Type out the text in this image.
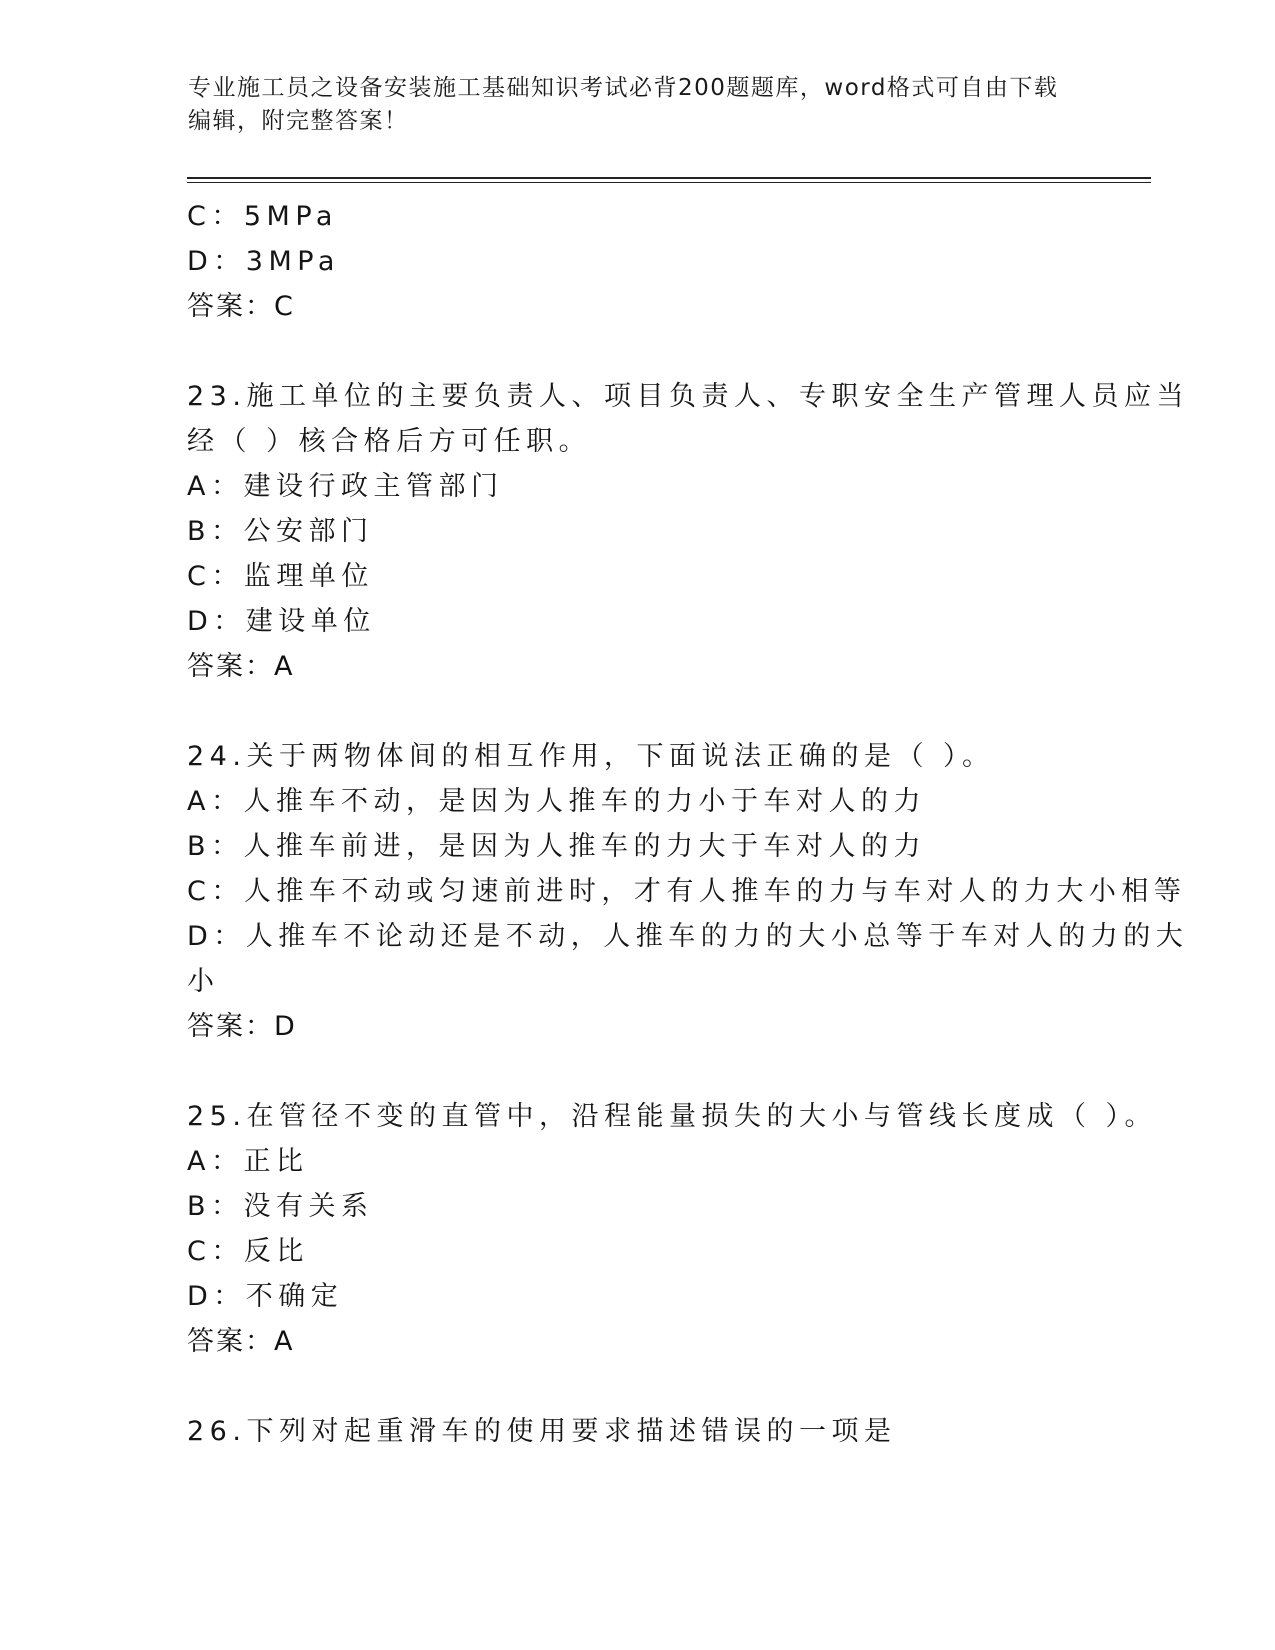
专业施工员之设备安装施工基础知识考试必背200题题库，word格式可自由下载
编辑，附完整答案！
C：5MPa
D：3MPa
答案：C
23.施工单位的主要负责人、项目负责人、专职安全生产管理人员应当
经（ ）核合格后方可任职。
A：建设行政主管部门
B：公安部门
C：监理单位
D：建设单位
答案：A
24.关于两物体间的相互作用，下面说法正确的是（ ）。
A：人推车不动，是因为人推车的力小于车对人的力
B：人推车前进，是因为人推车的力大于车对人的力
C：人推车不动或匀速前进时，才有人推车的力与车对人的力大小相等
D：人推车不论动还是不动，人推车的力的大小总等于车对人的力的大
小
答案：D
25.在管径不变的直管中，沿程能量损失的大小与管线长度成（ ）。
A：正比
B：没有关系
C：反比
D：不确定
答案：A
26.下列对起重滑车的使用要求描述错误的一项是
